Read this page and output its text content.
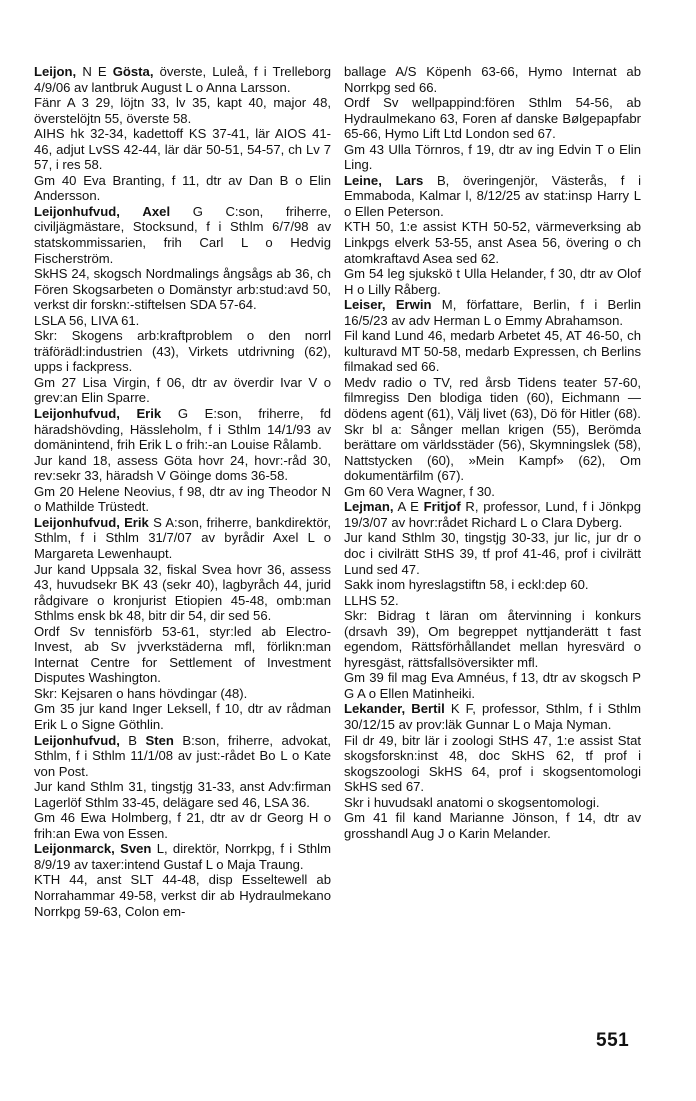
Leijon, N E Gösta, överste, Luleå, f i Trelleborg 4/9/06 av lantbruk August L o Anna Larsson.

Fänr A 3 29, löjtn 33, lv 35, kapt 40, major 48, överstelöjtn 55, överste 58.

AIHS hk 32-34, kadettoff KS 37-41, lär AIOS 41-46, adjut LvSS 42-44, lär där 50-51, 54-57, ch Lv 7 57, i res 58.

Gm 40 Eva Branting, f 11, dtr av Dan B o Elin Andersson.

Leijonhufvud, Axel G C:son, friherre, civiljägmästare, Stocksund, f i Sthlm 6/7/98 av statskommissarien, frih Carl L o Hedvig Fischerström.

SkHS 24, skogsch Nordmalings ångsågs ab 36, ch Fören Skogsarbeten o Domänstyr arb:stud:avd 50, verkst dir forskn:-stiftelsen SDA 57-64.

LSLA 56, LIVA 61.

Skr: Skogens arb:kraftproblem o den norrl träförädl:industrien (43), Virkets utdrivning (62), upps i fackpress.

Gm 27 Lisa Virgin, f 06, dtr av överdir Ivar V o grev:an Elin Sparre.

Leijonhufvud, Erik G E:son, friherre, fd häradshövding, Hässleholm, f i Sthlm 14/1/93 av domänintend, frih Erik L o frih:-an Louise Rålamb.

Jur kand 18, assess Göta hovr 24, hovr:-råd 30, rev:sekr 33, häradsh V Göinge doms 36-58.

Gm 20 Helene Neovius, f 98, dtr av ing Theodor N o Mathilde Trüstedt.

Leijonhufvud, Erik S A:son, friherre, bankdirektör, Sthlm, f i Sthlm 31/7/07 av byrådir Axel L o Margareta Lewenhaupt.

Jur kand Uppsala 32, fiskal Svea hovr 36, assess 43, huvudsekr BK 43 (sekr 40), lagbyråch 44, jurid rådgivare o kronjurist Etiopien 45-48, omb:man Sthlms ensk bk 48, bitr dir 54, dir sed 56.

Ordf Sv tennisförb 53-61, styr:led ab Electro-Invest, ab Sv jvverkstäderna mfl, förlikn:man Internat Centre for Settlement of Investment Disputes Washington.

Skr: Kejsaren o hans hövdingar (48).

Gm 35 jur kand Inger Leksell, f 10, dtr av rådman Erik L o Signe Göthlin.

Leijonhufvud, B Sten B:son, friherre, advokat, Sthlm, f i Sthlm 11/1/08 av just:-rådet Bo L o Kate von Post.

Jur kand Sthlm 31, tingstjg 31-33, anst Adv:firman Lagerlöf Sthlm 33-45, delägare sed 46, LSA 36.

Gm 46 Ewa Holmberg, f 21, dtr av dr Georg H o frih:an Ewa von Essen.

Leijonmarck, Sven L, direktör, Norrkpg, f i Sthlm 8/9/19 av taxer:intend Gustaf L o Maja Traung.

KTH 44, anst SLT 44-48, disp Esseltewell ab Norrahammar 49-58, verkst dir ab Hydraulmekano Norrkpg 59-63, Colon em-

ballage A/S Köpenh 63-66, Hymo Internat ab Norrkpg sed 66.

Ordf Sv wellpappind:fören Sthlm 54-56, ab Hydraulmekano 63, Foren af danske Bølgepapfabr 65-66, Hymo Lift Ltd London sed 67.

Gm 43 Ulla Törnros, f 19, dtr av ing Edvin T o Elin Ling.

Leine, Lars B, överingenjör, Västerås, f i Emmaboda, Kalmar l, 8/12/25 av stat:insp Harry L o Ellen Peterson.

KTH 50, 1:e assist KTH 50-52, värmeverksing ab Linkpgs elverk 53-55, anst Asea 56, övering o ch atomkraftavd Asea sed 62.

Gm 54 leg sjukskö t Ulla Helander, f 30, dtr av Olof H o Lilly Råberg.

Leiser, Erwin M, författare, Berlin, f i Berlin 16/5/23 av adv Herman L o Emmy Abrahamson.

Fil kand Lund 46, medarb Arbetet 45, AT 46-50, ch kulturavd MT 50-58, medarb Expressen, ch Berlins filmakad sed 66.

Medv radio o TV, red årsb Tidens teater 57-60, filmregiss Den blodiga tiden (60), Eichmann — dödens agent (61), Välj livet (63), Dö för Hitler (68).

Skr bl a: Sånger mellan krigen (55), Berömda berättare om världsstäder (56), Skymningslek (58), Nattstycken (60), »Mein Kampf» (62), Om dokumentärfilm (67).

Gm 60 Vera Wagner, f 30.

Lejman, A E Fritjof R, professor, Lund, f i Jönkpg 19/3/07 av hovr:rådet Richard L o Clara Dyberg.

Jur kand Sthlm 30, tingstjg 30-33, jur lic, jur dr o doc i civilrätt StHS 39, tf prof 41-46, prof i civilrätt Lund sed 47.

Sakk inom hyreslagstiftn 58, i eckl:dep 60.

LLHS 52.

Skr: Bidrag t läran om återvinning i konkurs (drsavh 39), Om begreppet nyttjanderätt t fast egendom, Rättsförhållandet mellan hyresvärd o hyresgäst, rättsfallsöversikter mfl.

Gm 39 fil mag Eva Amnéus, f 13, dtr av skogsch P G A o Ellen Matinheiki.

Lekander, Bertil K F, professor, Sthlm, f i Sthlm 30/12/15 av prov:läk Gunnar L o Maja Nyman.

Fil dr 49, bitr lär i zoologi StHS 47, 1:e assist Stat skogsforskn:inst 48, doc SkHS 62, tf prof i skogszoologi SkHS 64, prof i skogsentomologi SkHS sed 67.

Skr i huvudsakl anatomi o skogsentomologi.

Gm 41 fil kand Marianne Jönson, f 14, dtr av grosshandl Aug J o Karin Melander.

551
